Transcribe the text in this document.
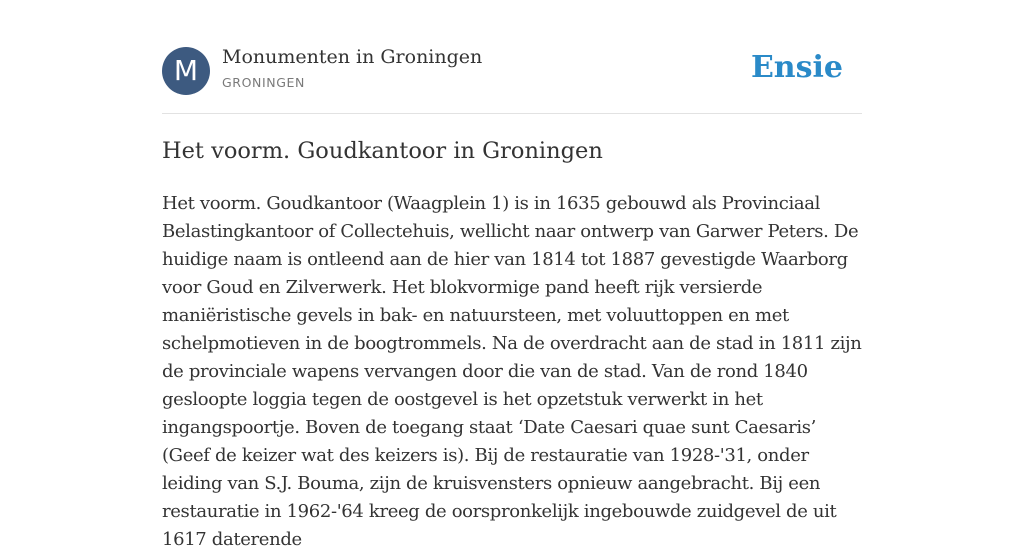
M	Monumenten in Groningen
GRONINGEN	Ensie
Het voorm. Goudkantoor in Groningen

Het voorm. Goudkantoor (Waagplein 1) is in 1635 gebouwd als Provinciaal Belastingkantoor of Collectehuis, wellicht naar ontwerp van Garwer Peters. De huidige naam is ontleend aan de hier van 1814 tot 1887 gevestigde Waarborg voor Goud en Zilverwerk. Het blokvormige pand heeft rijk versierde maniëristische gevels in bak- en natuursteen, met voluuttoppen en met schelpmotieven in de boogtrommels. Na de overdracht aan de stad in 1811 zijn de provinciale wapens vervangen door die van de stad. Van de rond 1840 gesloopte loggia tegen de oostgevel is het opzetstuk verwerkt in het ingangspoortje. Boven de toegang staat ‘Date Caesari quae sunt Caesaris’ (Geef de keizer wat des keizers is). Bij de restauratie van 1928-'31, onder leiding van S.J. Bouma, zijn de kruisvensters opnieuw aangebracht. Bij een restauratie in 1962-'64 kreeg de oorspronkelijk ingebouwde zuidgevel de uit 1617 daterende
